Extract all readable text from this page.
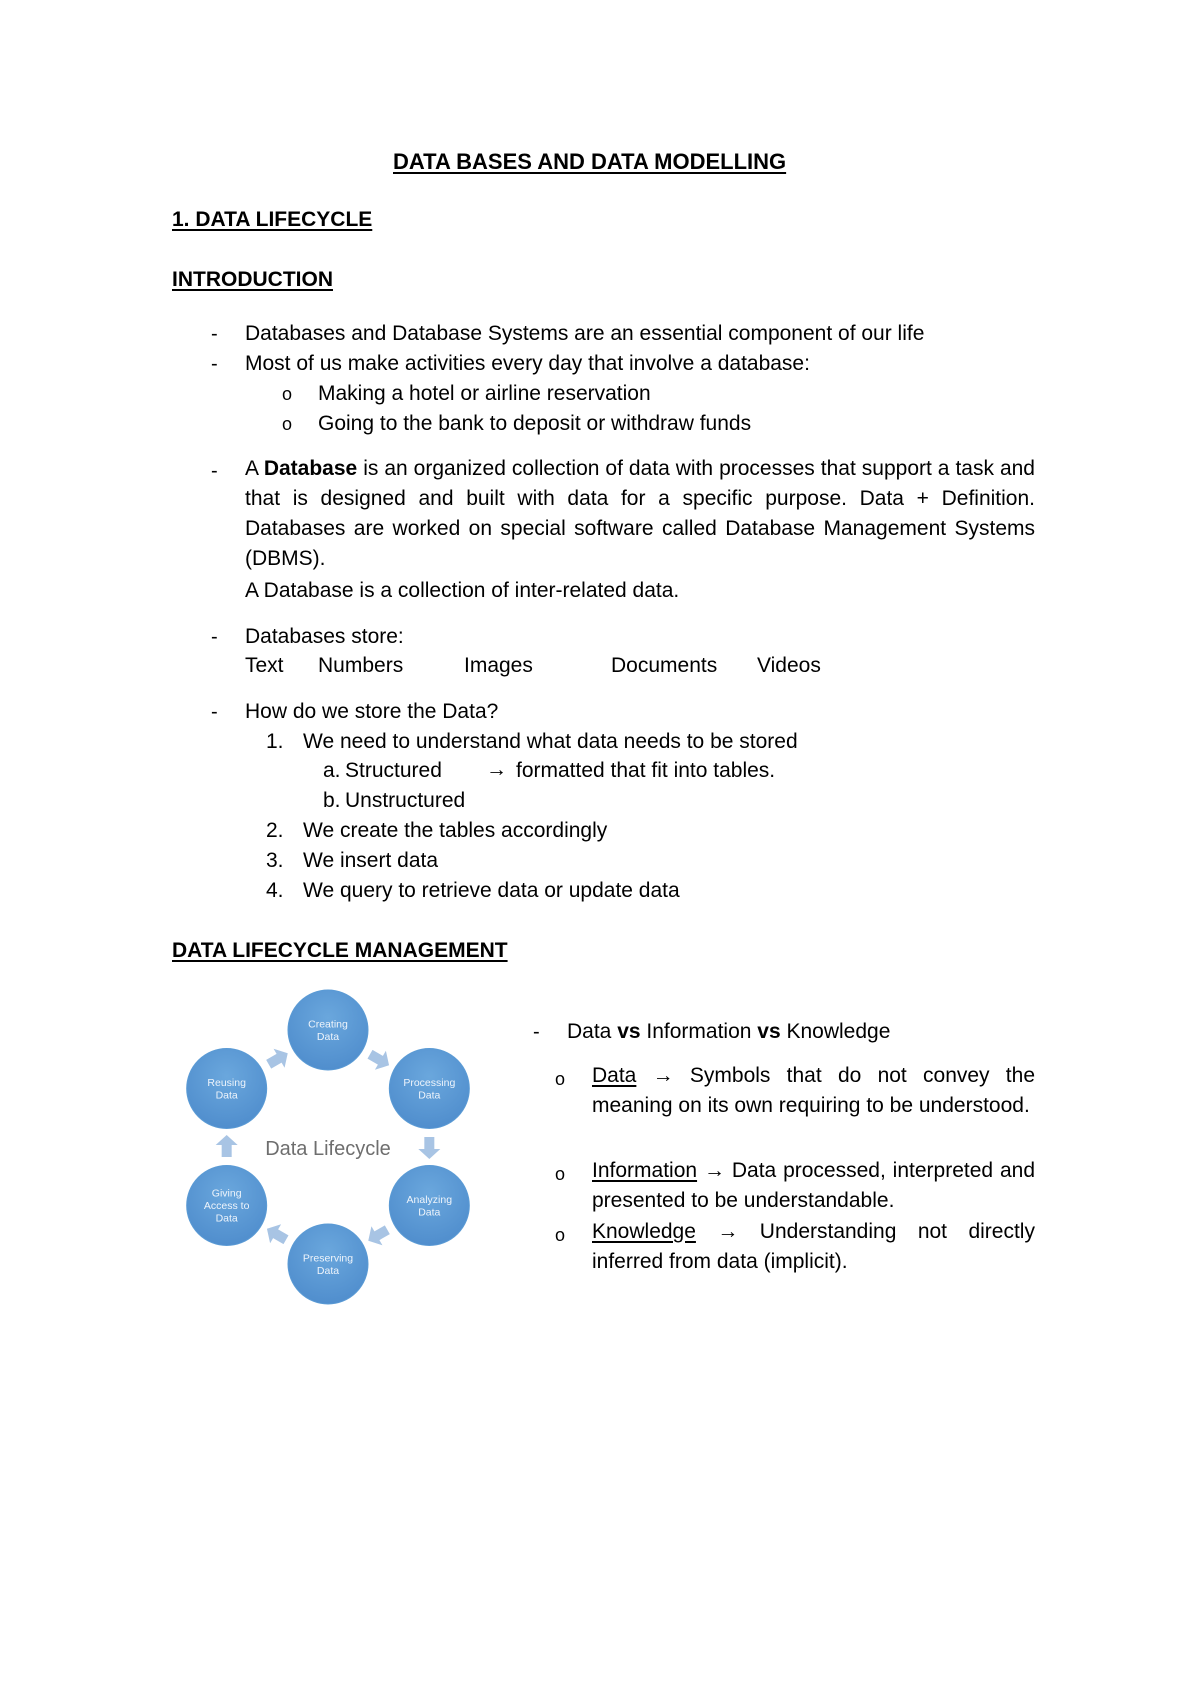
DATA BASES AND DATA MODELLING
1. DATA LIFECYCLE
INTRODUCTION
- Databases and Database Systems are an essential component of our life
- Most of us make activities every day that involve a database:
o Making a hotel or airline reservation
o Going to the bank to deposit or withdraw funds
- A Database is an organized collection of data with processes that support a task and that is designed and built with data for a specific purpose. Data + Definition. Databases are worked on special software called Database Management Systems (DBMS).
A Database is a collection of inter-related data.
- Databases store:
Text Numbers	Images	Documents Videos
- How do we store the Data?
1. We need to understand what data needs to be stored
a. Structured → formatted that fit into tables.
b. Unstructured
2. We create the tables accordingly
3. We insert data
4. We query to retrieve data or update data
DATA LIFECYCLE MANAGEMENT
Creating
Data
Processing
Data
Analyzing
Data
Preserving
Data
Giving
Access to
Data
Reusing
Data
Data Lifecycle
- Data vs Information vs Knowledge
o Data → Symbols that do not convey the meaning on its own requiring to be understood.
o Information → Data processed, interpreted and presented to be understandable.
o Knowledge → Understanding not directly inferred from data (implicit).
